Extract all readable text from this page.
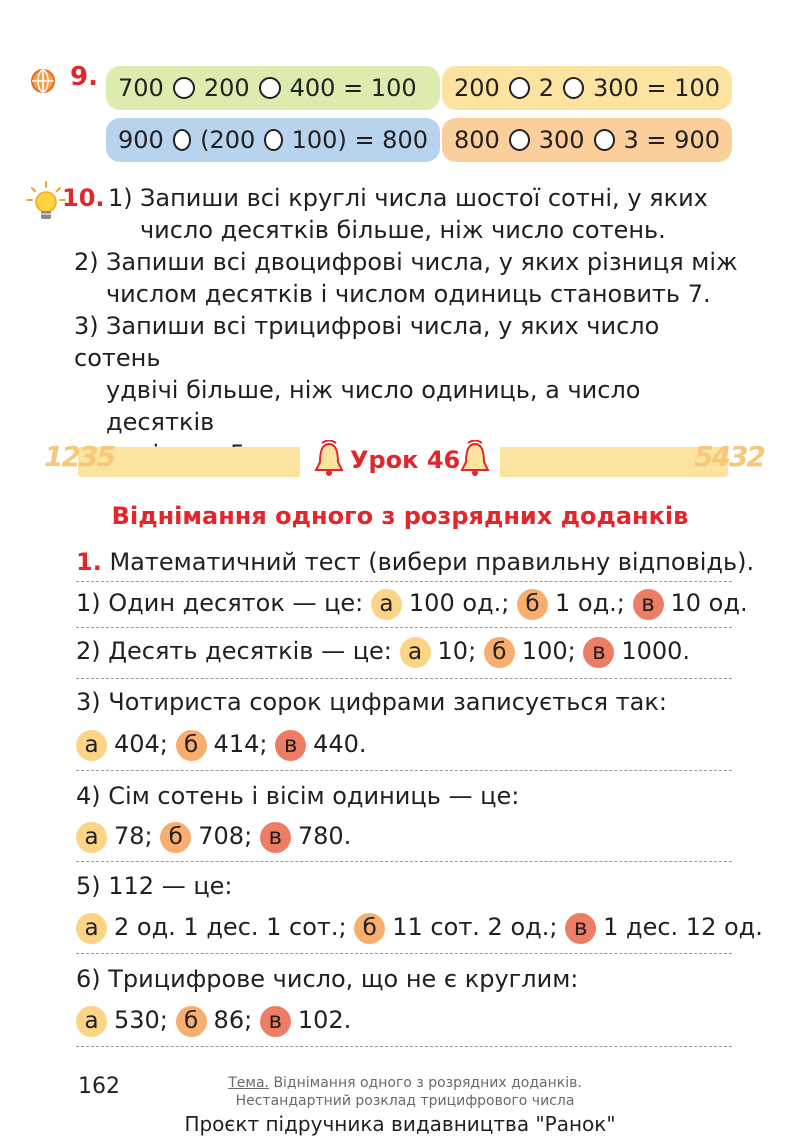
9. 700 200 400 = 100 200 2 300 = 100
900 (200 100) = 800 800 300 3 = 900
10. 1) Запиши всі круглі числа шостої сотні, у яких
число десятків більше, ніж число сотень.
2) Запиши всі двоцифрові числа, у яких різниця між
числом десятків і числом одиниць становить 7.
3) Запиши всі трицифрові числа, у яких число сотень
удвічі більше, ніж число одиниць, а число десятків
1235	5432
Урок 46
Віднімання одного з розрядних доданків
1. Математичний тест (вибери правильну відповідь).
1) Один десяток — це: а 100 од.; б 1 од.; в 10 од.
2) Десять десятків — це: а 10; б 100; в 1000.
3) Чотириста сорок цифрами записується так:
а 404; б 414; в 440.
4) Сім сотень і вісім одиниць — це:
а 78; б 708; в 780.
5) 112 — це:
а 2 од. 1 дес. 1 сот.; б 11 сот. 2 од.; в 1 дес. 12 од.
6) Трицифрове число, що не є круглим:
а 530; б 86; в 102.
162	Тема. Віднімання одного з розрядних доданків.
Нестандартний розклад трицифрового числа
Проєкт підручника видавництва "Ранок"
